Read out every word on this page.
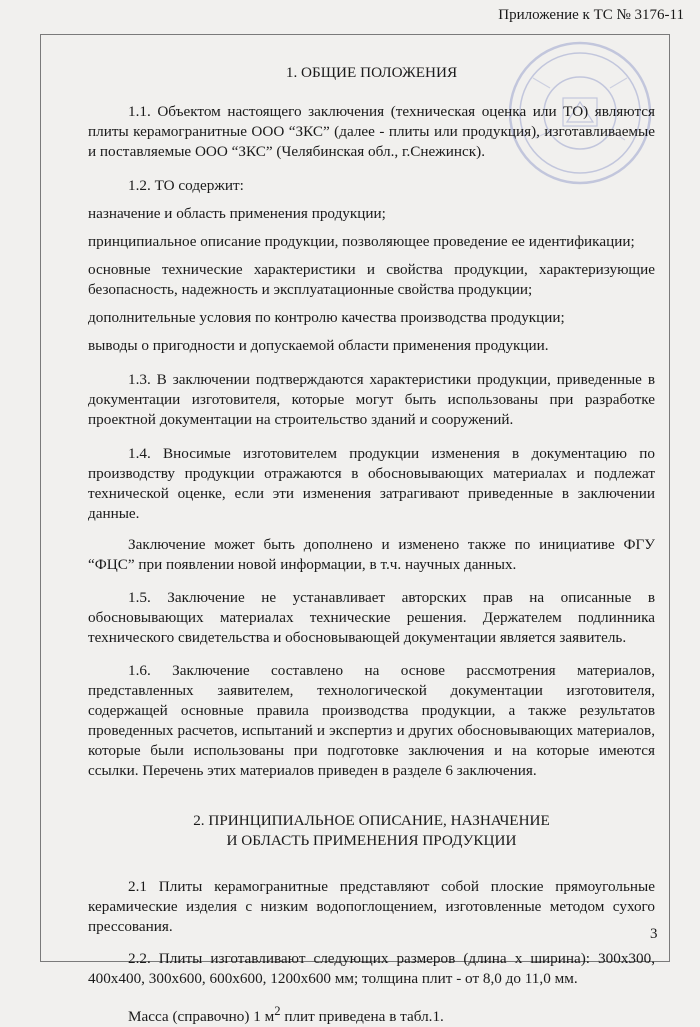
Приложение к ТС № 3176-11
1. ОБЩИЕ ПОЛОЖЕНИЯ

1.1. Объектом настоящего заключения (техническая оценка или ТО) являются плиты керамогранитные ООО “ЗКС” (далее - плиты или продукция), изготавливаемые и поставляемые ООО “ЗКС” (Челябинская обл., г.Снежинск).

1.2. ТО содержит:

назначение и область применения продукции;

принципиальное описание продукции, позволяющее проведение ее идентификации;

основные технические характеристики и свойства продукции, характеризующие безопасность, надежность и эксплуатационные свойства продукции;

дополнительные условия по контролю качества производства продукции;

выводы о пригодности и допускаемой области применения продукции.

1.3. В заключении подтверждаются характеристики продукции, приведенные в документации изготовителя, которые могут быть использованы при разработке проектной документации на строительство зданий и сооружений.

1.4. Вносимые изготовителем продукции изменения в документацию по производству продукции отражаются в обосновывающих материалах и подлежат технической оценке, если эти изменения затрагивают приведенные в заключении данные.

Заключение может быть дополнено и изменено также по инициативе ФГУ “ФЦС” при появлении новой информации, в т.ч. научных данных.

1.5. Заключение не устанавливает авторских прав на описанные в обосновывающих материалах технические решения. Держателем подлинника технического свидетельства и обосновывающей документации является заявитель.

1.6. Заключение составлено на основе рассмотрения материалов, представленных заявителем, технологической документации изготовителя, содержащей основные правила производства продукции, а также результатов проведенных расчетов, испытаний и экспертиз и других обосновывающих материалов, которые были использованы при подготовке заключения и на которые имеются ссылки. Перечень этих материалов приведен в разделе 6 заключения.

2. ПРИНЦИПИАЛЬНОЕ ОПИСАНИЕ, НАЗНАЧЕНИЕ
И ОБЛАСТЬ ПРИМЕНЕНИЯ ПРОДУКЦИИ

2.1 Плиты керамогранитные представляют собой плоские прямоугольные керамические изделия с низким водопоглощением, изготовленные методом сухого прессования.

2.2. Плиты изготавливают следующих размеров (длина х ширина): 300х300, 400х400, 300х600, 600х600, 1200х600 мм; толщина плит - от 8,0 до 11,0 мм.

Масса (справочно) 1 $м^2$ плит приведена в табл.1.

3
